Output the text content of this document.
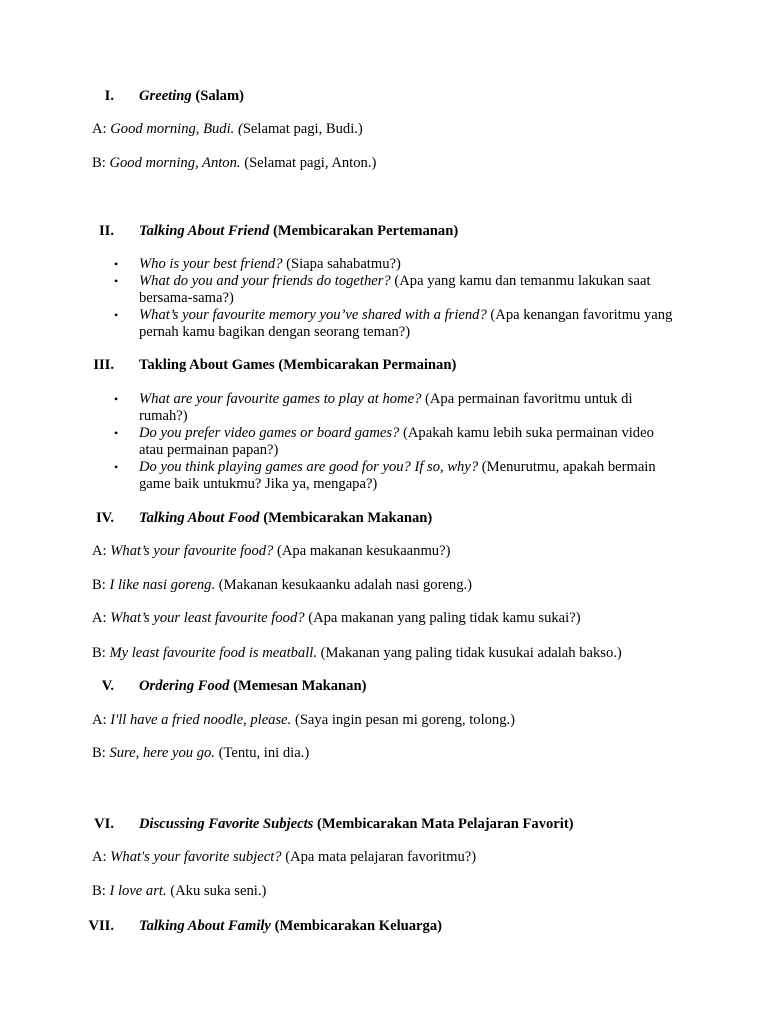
I. Greeting (Salam)
A: Good morning, Budi. (Selamat pagi, Budi.)
B: Good morning, Anton. (Selamat pagi, Anton.)
II. Talking About Friend (Membicarakan Pertemanan)
• Who is your best friend? (Siapa sahabatmu?)
• What do you and your friends do together? (Apa yang kamu dan temanmu lakukan saat bersama-sama?)
• What’s your favourite memory you’ve shared with a friend? (Apa kenangan favoritmu yang pernah kamu bagikan dengan seorang teman?)
III. Takling About Games (Membicarakan Permainan)
• What are your favourite games to play at home? (Apa permainan favoritmu untuk di rumah?)
• Do you prefer video games or board games? (Apakah kamu lebih suka permainan video atau permainan papan?)
• Do you think playing games are good for you? If so, why? (Menurutmu, apakah bermain game baik untukmu? Jika ya, mengapa?)
IV. Talking About Food (Membicarakan Makanan)
A: What’s your favourite food? (Apa makanan kesukaanmu?)
B: I like nasi goreng. (Makanan kesukaanku adalah nasi goreng.)
A: What’s your least favourite food? (Apa makanan yang paling tidak kamu sukai?)
B: My least favourite food is meatball. (Makanan yang paling tidak kusukai adalah bakso.)
V. Ordering Food (Memesan Makanan)
A: I'll have a fried noodle, please. (Saya ingin pesan mi goreng, tolong.)
B: Sure, here you go. (Tentu, ini dia.)
VI. Discussing Favorite Subjects (Membicarakan Mata Pelajaran Favorit)
A: What's your favorite subject? (Apa mata pelajaran favoritmu?)
B: I love art. (Aku suka seni.)
VII. Talking About Family (Membicarakan Keluarga)
